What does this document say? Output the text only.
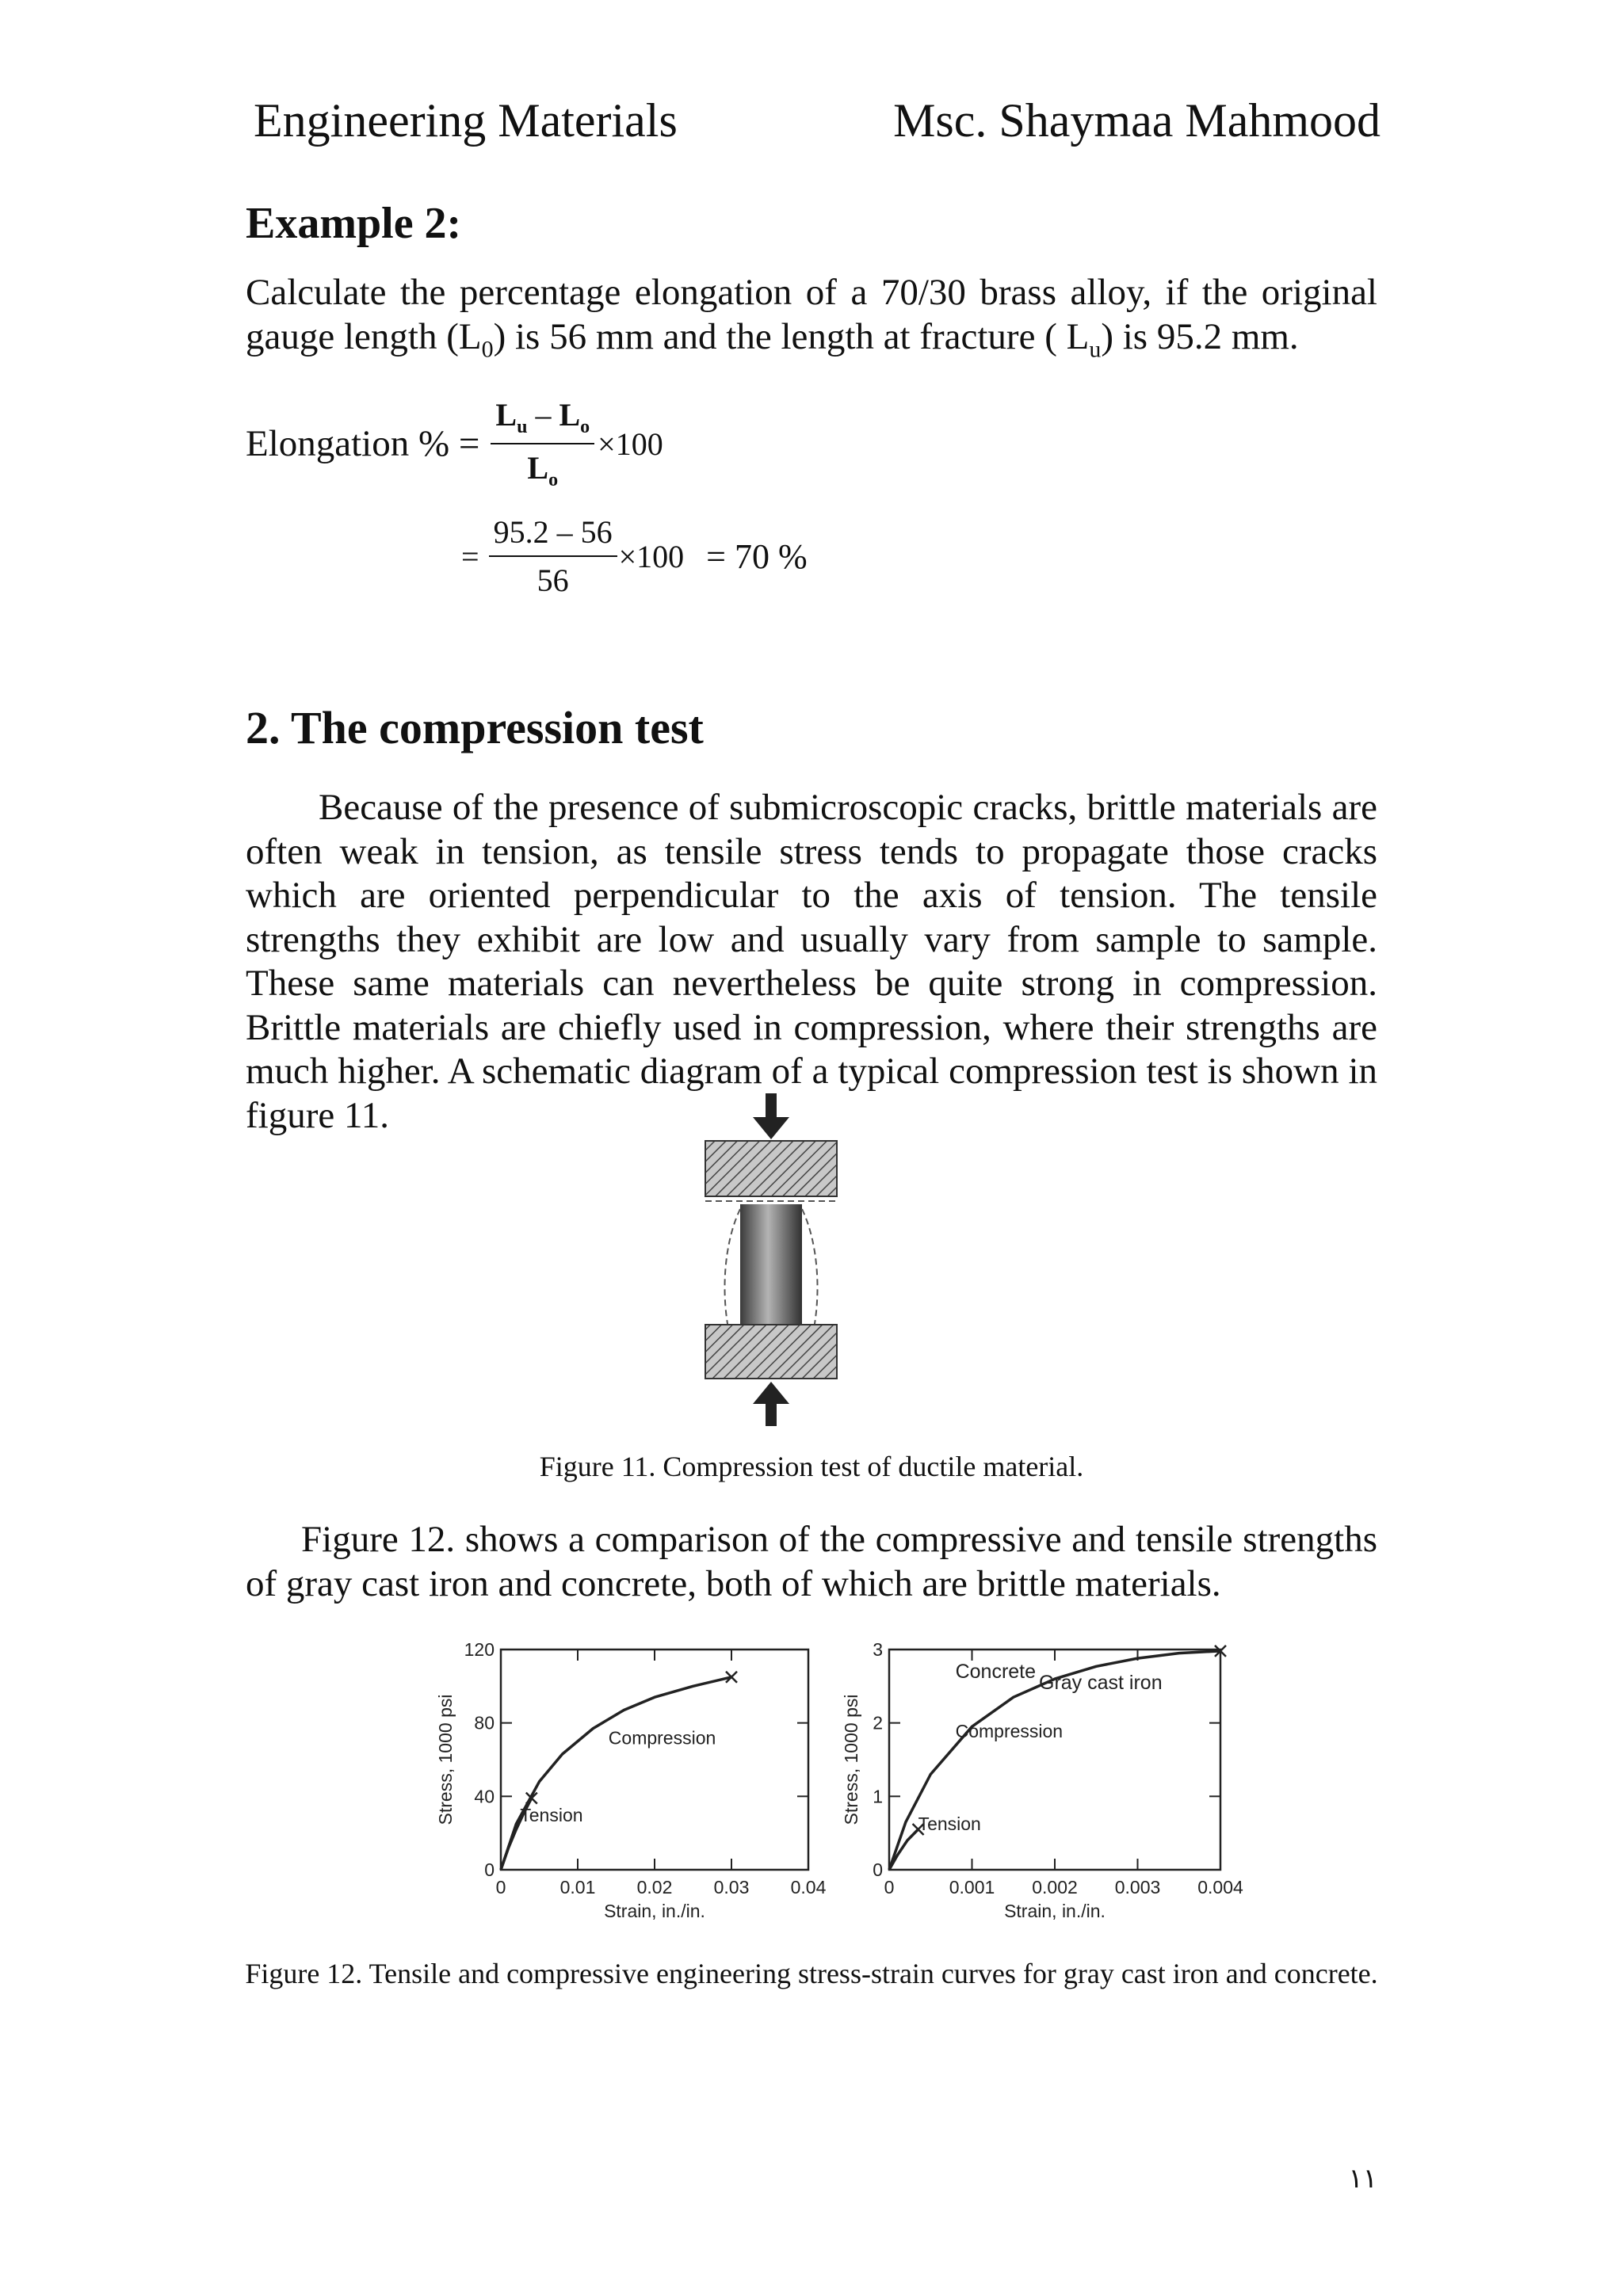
Engineering Materials	Msc. Shaymaa Mahmood
Example 2:
Calculate the percentage elongation of a 70/30 brass alloy, if the original gauge length $(L_0)$ is 56 mm and the length at fracture ( $L_u$) is 95.2 mm.
Elongation % = $\frac{L_u - L_o}{L_o} \times 100$
= $\frac{95.2 - 56}{56} \times 100 = 70$ %
2. The compression test
Because of the presence of submicroscopic cracks, brittle materials are often weak in tension, as tensile stress tends to propagate those cracks which are oriented perpendicular to the axis of tension. The tensile strengths they exhibit are low and usually vary from sample to sample. These same materials can nevertheless be quite strong in compression. Brittle materials are chiefly used in compression, where their strengths are much higher. A schematic diagram of a typical compression test is shown in figure 11.
Figure 11. Compression test of ductile material.
Figure 12. shows a comparison of the compressive and tensile strengths of gray cast iron and concrete, both of which are brittle materials.
0	0.01 0.02 0.03 0.04
0
40
80
120
Strain, in./in.
Stress, 1000 psi
Gray cast iron
Compression
Tension
0	0.001 0.002 0.003 0.004
0
1
2
3
Strain, in./in.
Stress, 1000 psi
Concrete
Compression
Tension
Figure 12. Tensile and compressive engineering stress-strain curves for gray cast iron and concrete.
١١
